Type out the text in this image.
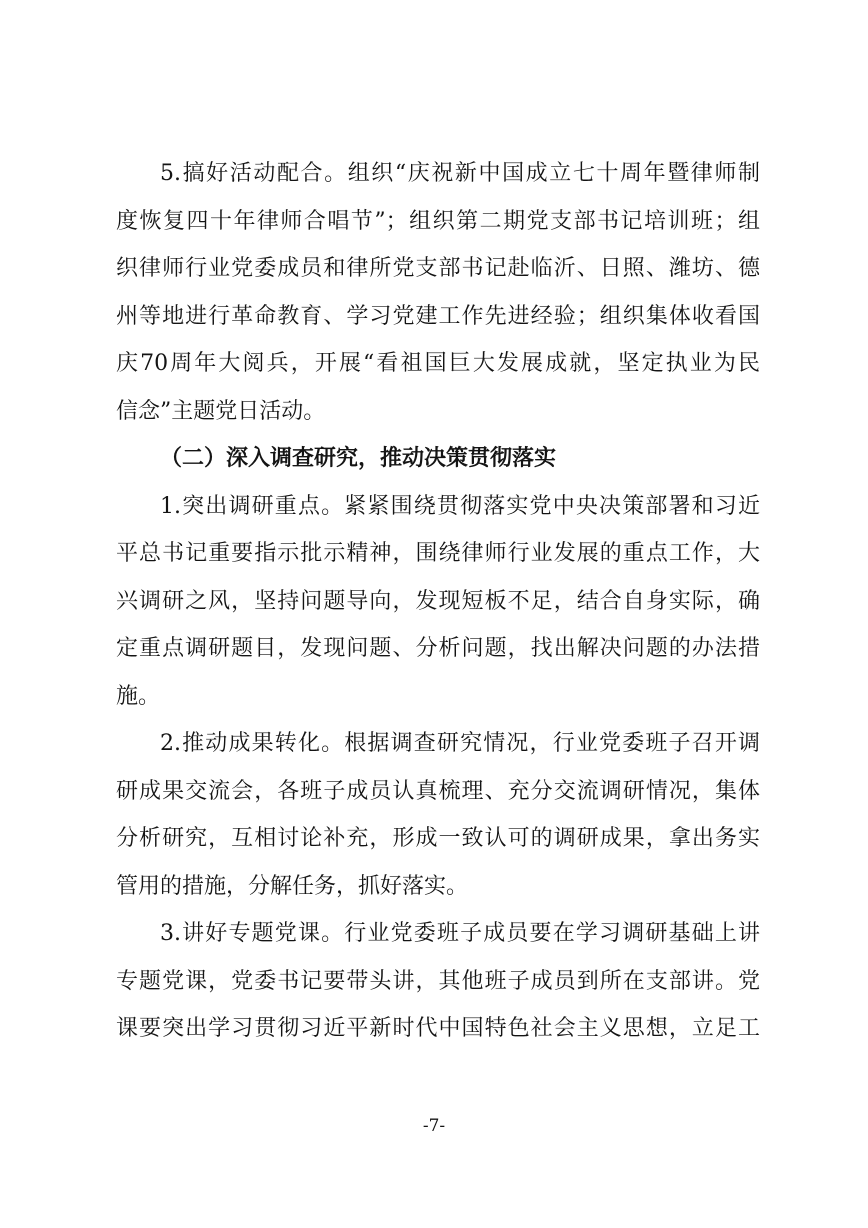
5.搞好活动配合。组织“庆祝新中国成立七十周年暨律师制
度恢复四十年律师合唱节”；组织第二期党支部书记培训班；组
织律师行业党委成员和律所党支部书记赴临沂、日照、潍坊、德
州等地进行革命教育、学习党建工作先进经验；组织集体收看国
庆70周年大阅兵，开展“看祖国巨大发展成就，坚定执业为民
信念”主题党日活动。
（二）深入调查研究，推动决策贯彻落实
1.突出调研重点。紧紧围绕贯彻落实党中央决策部署和习近
平总书记重要指示批示精神，围绕律师行业发展的重点工作，大
兴调研之风，坚持问题导向，发现短板不足，结合自身实际，确
定重点调研题目，发现问题、分析问题，找出解决问题的办法措
施。
2.推动成果转化。根据调查研究情况，行业党委班子召开调
研成果交流会，各班子成员认真梳理、充分交流调研情况，集体
分析研究，互相讨论补充，形成一致认可的调研成果，拿出务实
管用的措施，分解任务，抓好落实。
3.讲好专题党课。行业党委班子成员要在学习调研基础上讲
专题党课，党委书记要带头讲，其他班子成员到所在支部讲。党
课要突出学习贯彻习近平新时代中国特色社会主义思想，立足工
-7-
